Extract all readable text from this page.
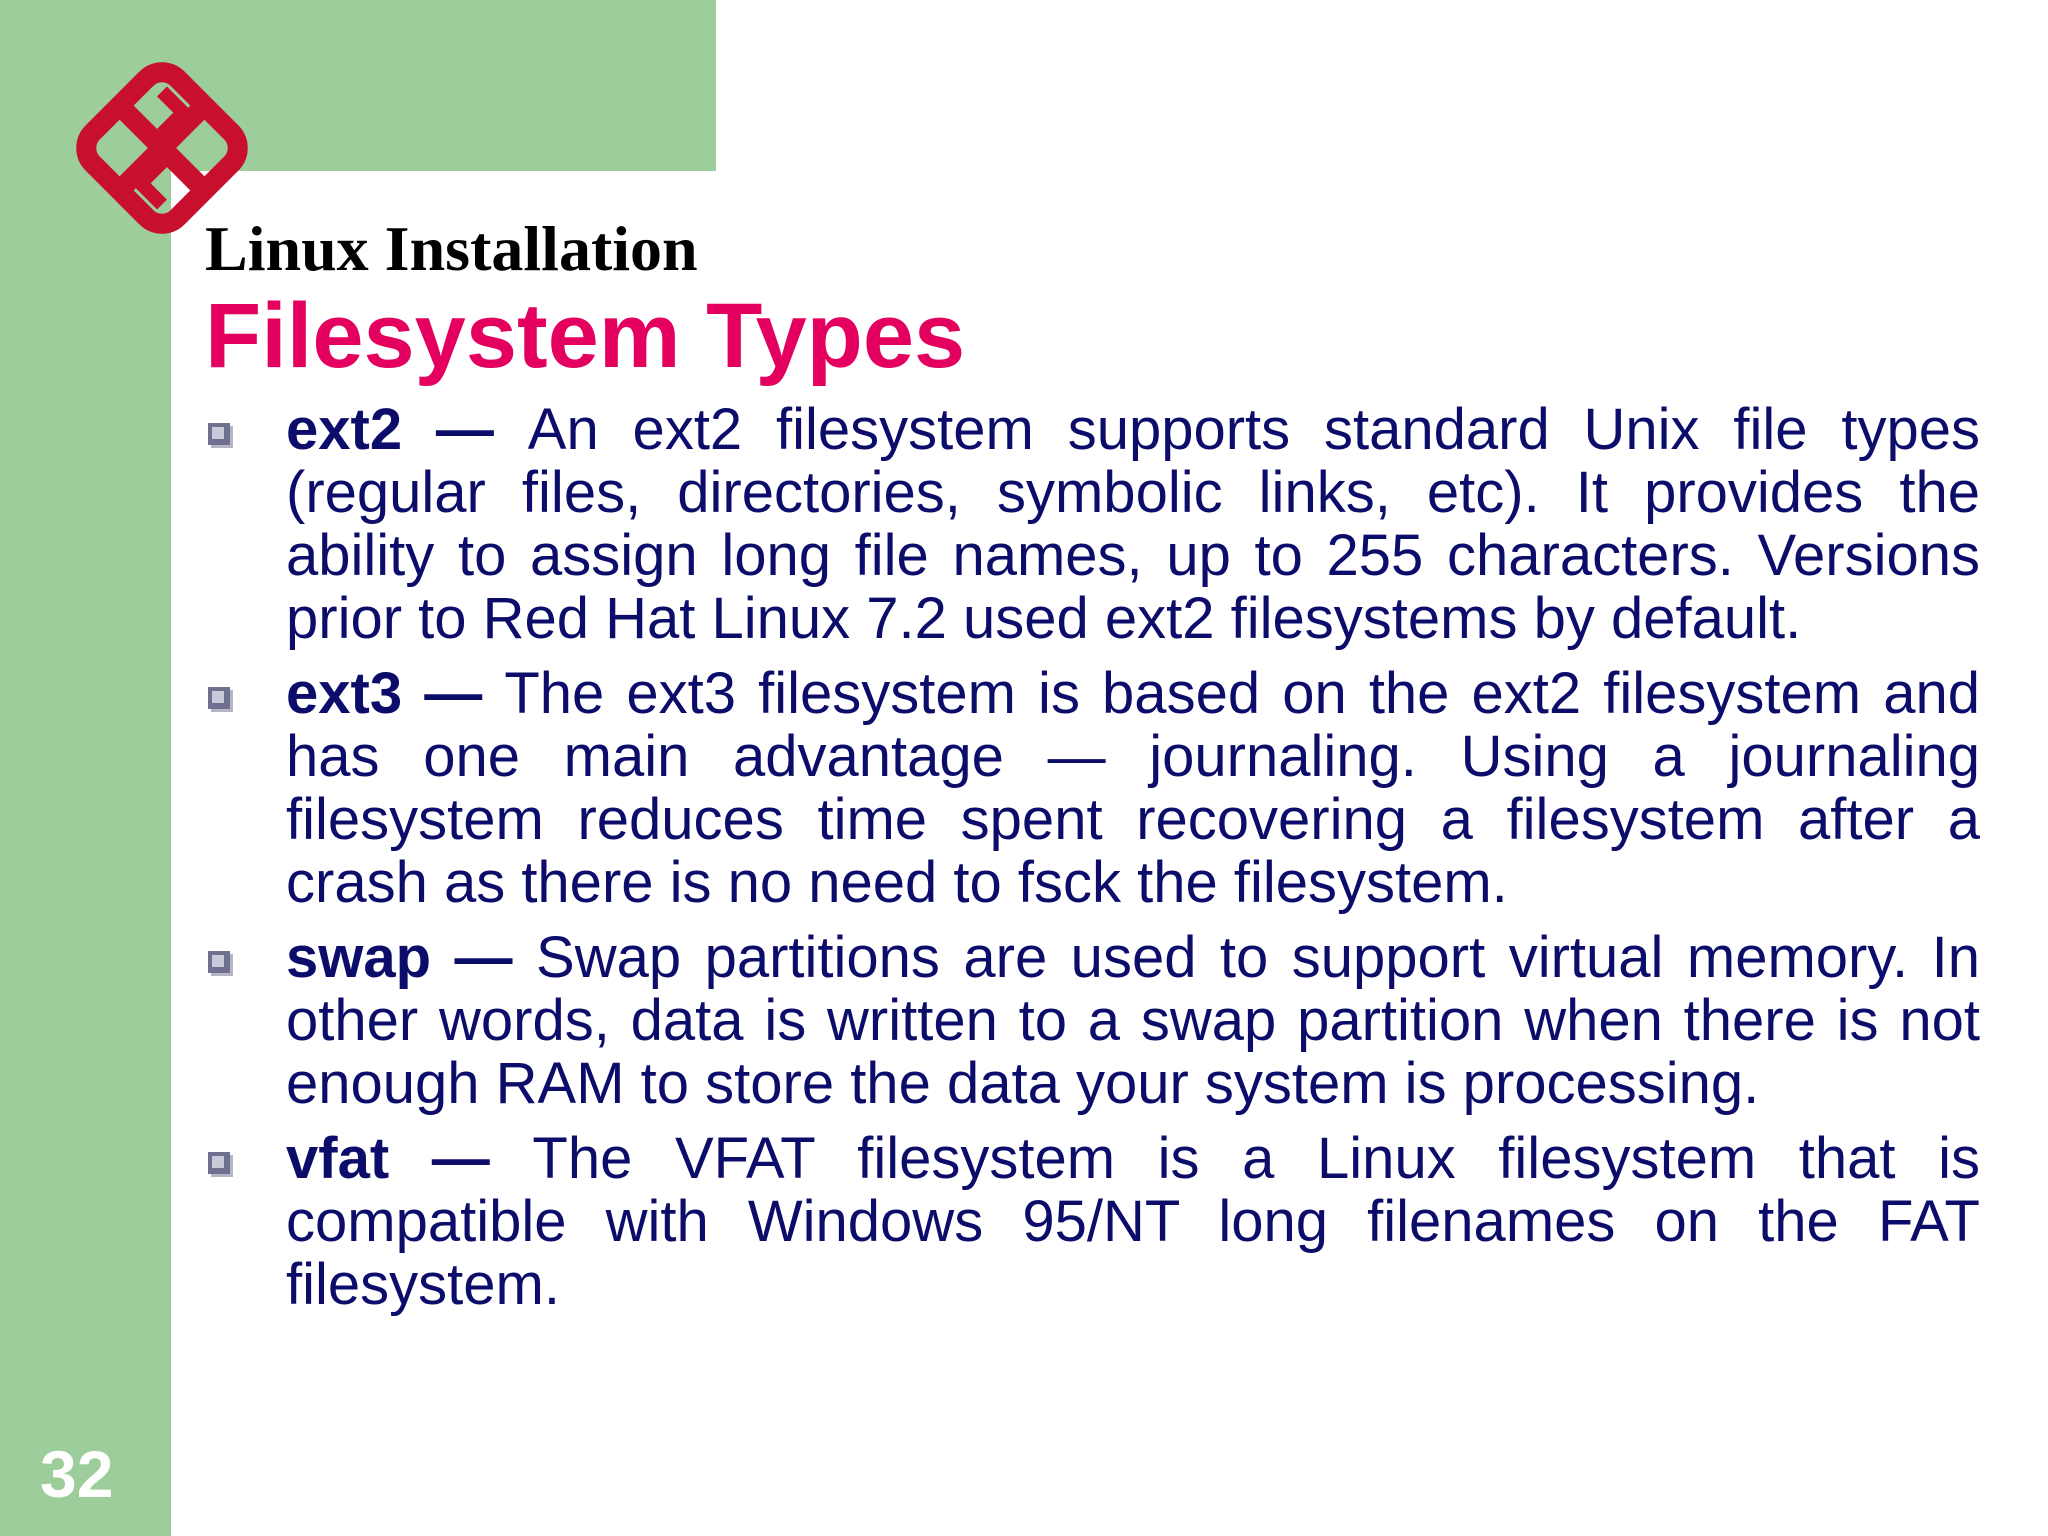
32
Linux Installation
Filesystem Types
ext2 — An ext2 filesystem supports standard Unix file types (regular files, directories, symbolic links, etc). It provides the ability to assign long file names, up to 255 characters. Versions prior to Red Hat Linux 7.2 used ext2 filesystems by default.
ext3 — The ext3 filesystem is based on the ext2 filesystem and has one main advantage — journaling. Using a journaling filesystem reduces time spent recovering a filesystem after a crash as there is no need to fsck the filesystem.
swap — Swap partitions are used to support virtual memory. In other words, data is written to a swap partition when there is not enough RAM to store the data your system is processing.
vfat — The VFAT filesystem is a Linux filesystem that is compatible with Windows 95/NT long filenames on the FAT filesystem.
